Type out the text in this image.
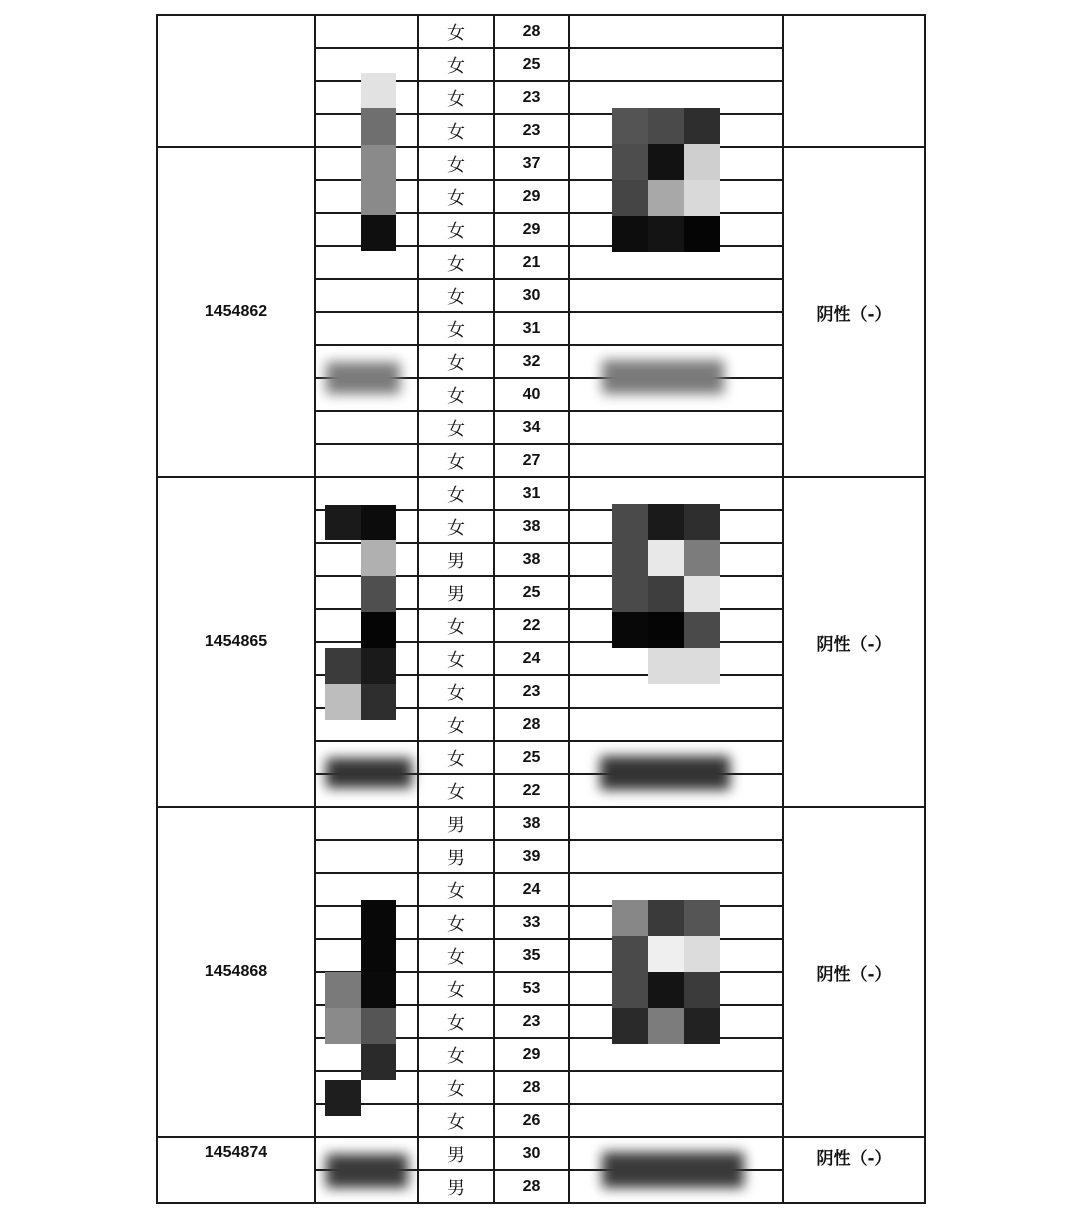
		女	28		
		女	25		
		女	23		
		女	23		
1454862		女	37		阴性（-）
		女	29		
		女	29		
		女	21		
		女	30		
		女	31		
		女	32		
		女	40		
		女	34		
		女	27		
1454865		女	31		阴性（-）
		女	38		
		男	38		
		男	25		
		女	22		
		女	24		
		女	23		
		女	28		
		女	25		
		女	22		
1454868		男	38		阴性（-）
		男	39		
		女	24		
		女	33		
		女	35		
		女	53		
		女	23		
		女	29		
		女	28		
		女	26		
1454874		男	30		阴性（-）
		男	28		
